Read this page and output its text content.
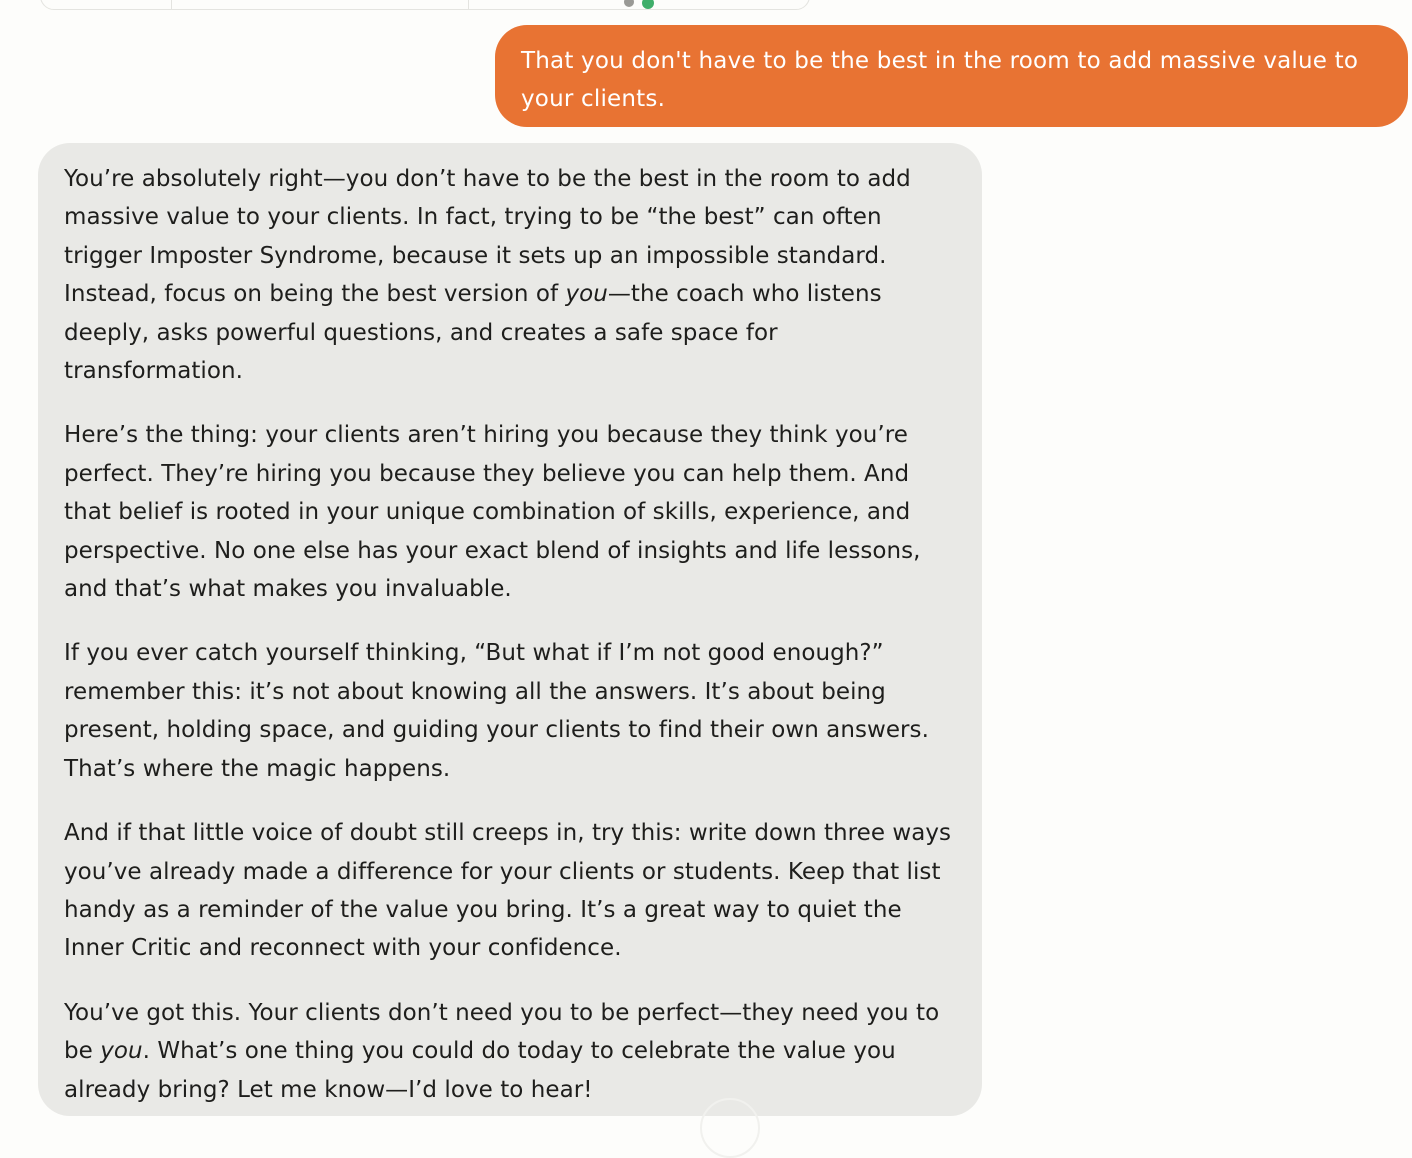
That you don't have to be the best in the room to add massive value to your clients.

You’re absolutely right—you don’t have to be the best in the room to add massive value to your clients. In fact, trying to be “the best” can often trigger Imposter Syndrome, because it sets up an impossible standard. Instead, focus on being the best version of you—the coach who listens deeply, asks powerful questions, and creates a safe space for transformation.

Here’s the thing: your clients aren’t hiring you because they think you’re perfect. They’re hiring you because they believe you can help them. And that belief is rooted in your unique combination of skills, experience, and perspective. No one else has your exact blend of insights and life lessons, and that’s what makes you invaluable.

If you ever catch yourself thinking, “But what if I’m not good enough?” remember this: it’s not about knowing all the answers. It’s about being present, holding space, and guiding your clients to find their own answers. That’s where the magic happens.

And if that little voice of doubt still creeps in, try this: write down three ways you’ve already made a difference for your clients or students. Keep that list handy as a reminder of the value you bring. It’s a great way to quiet the Inner Critic and reconnect with your confidence.

You’ve got this. Your clients don’t need you to be perfect—they need you to be you. What’s one thing you could do today to celebrate the value you already bring? Let me know—I’d love to hear!
